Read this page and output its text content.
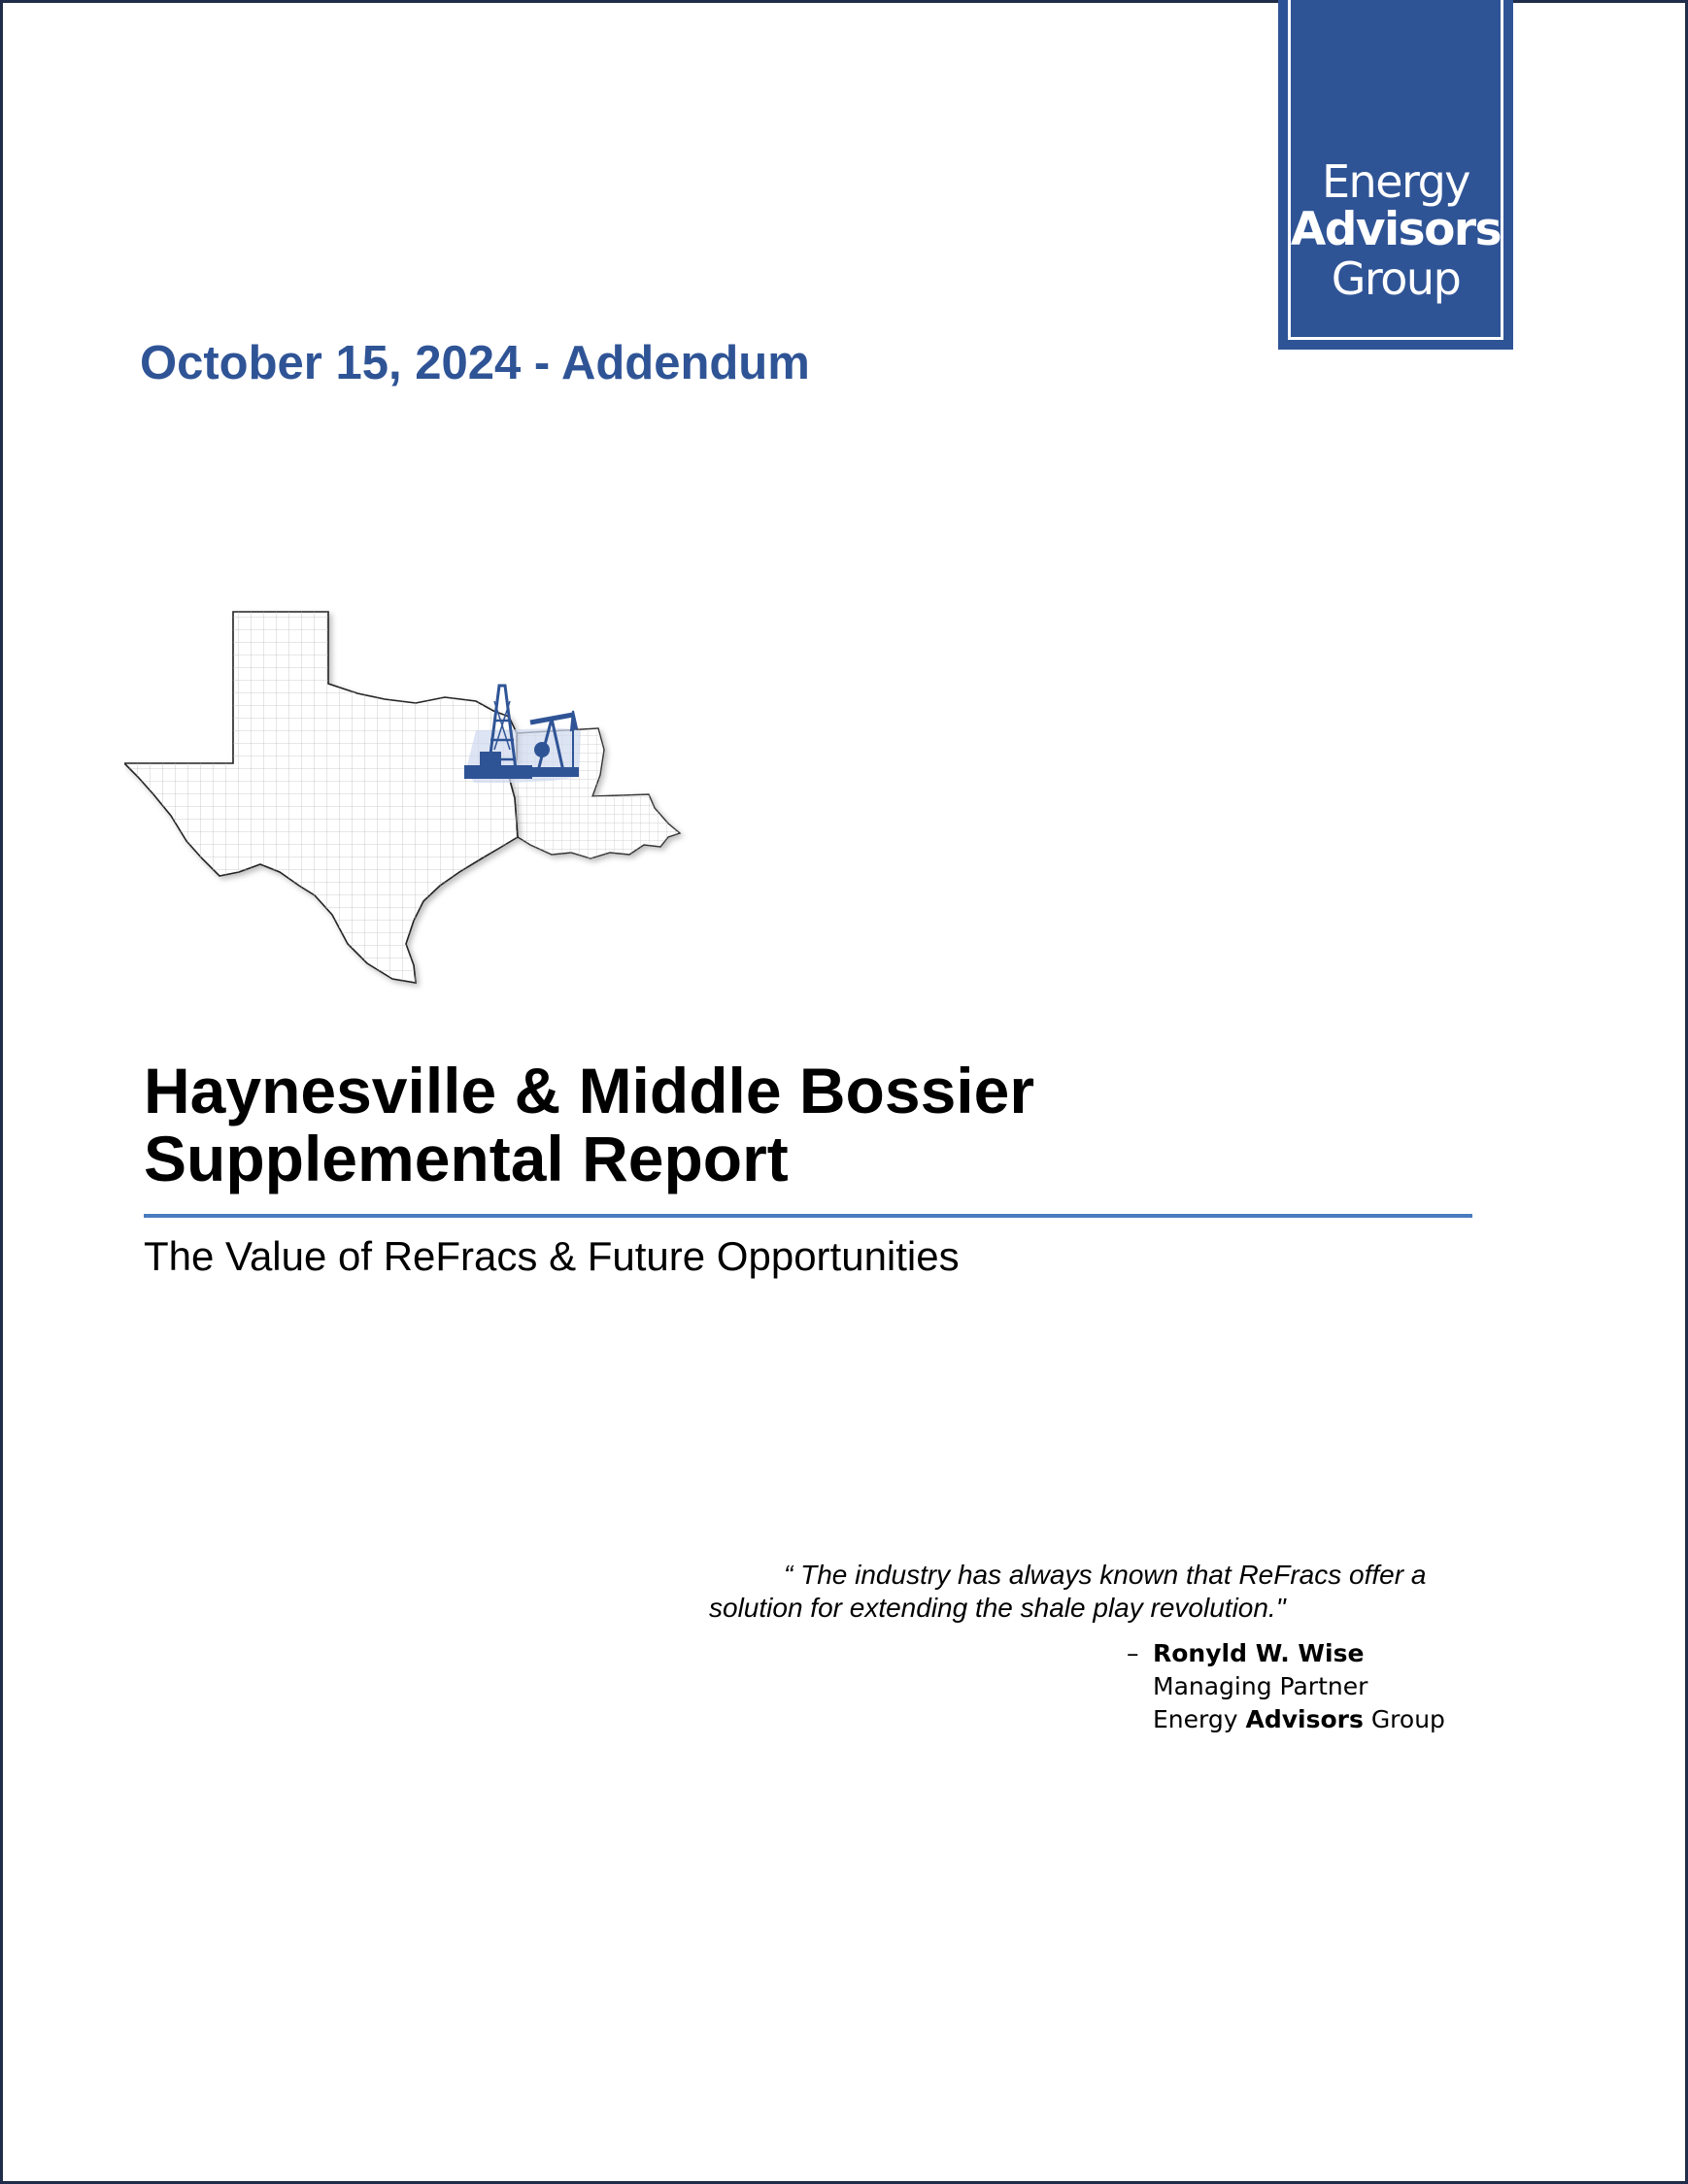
Energy
Advisors
Group
October 15, 2024 - Addendum
Haynesville & Middle Bossier
Supplemental Report

The Value of ReFracs & Future Opportunities

“ The industry has always known that ReFracs offer a
solution for extending the shale play revolution."

– Ronyld W. Wise
Managing Partner
Energy Advisors Group
